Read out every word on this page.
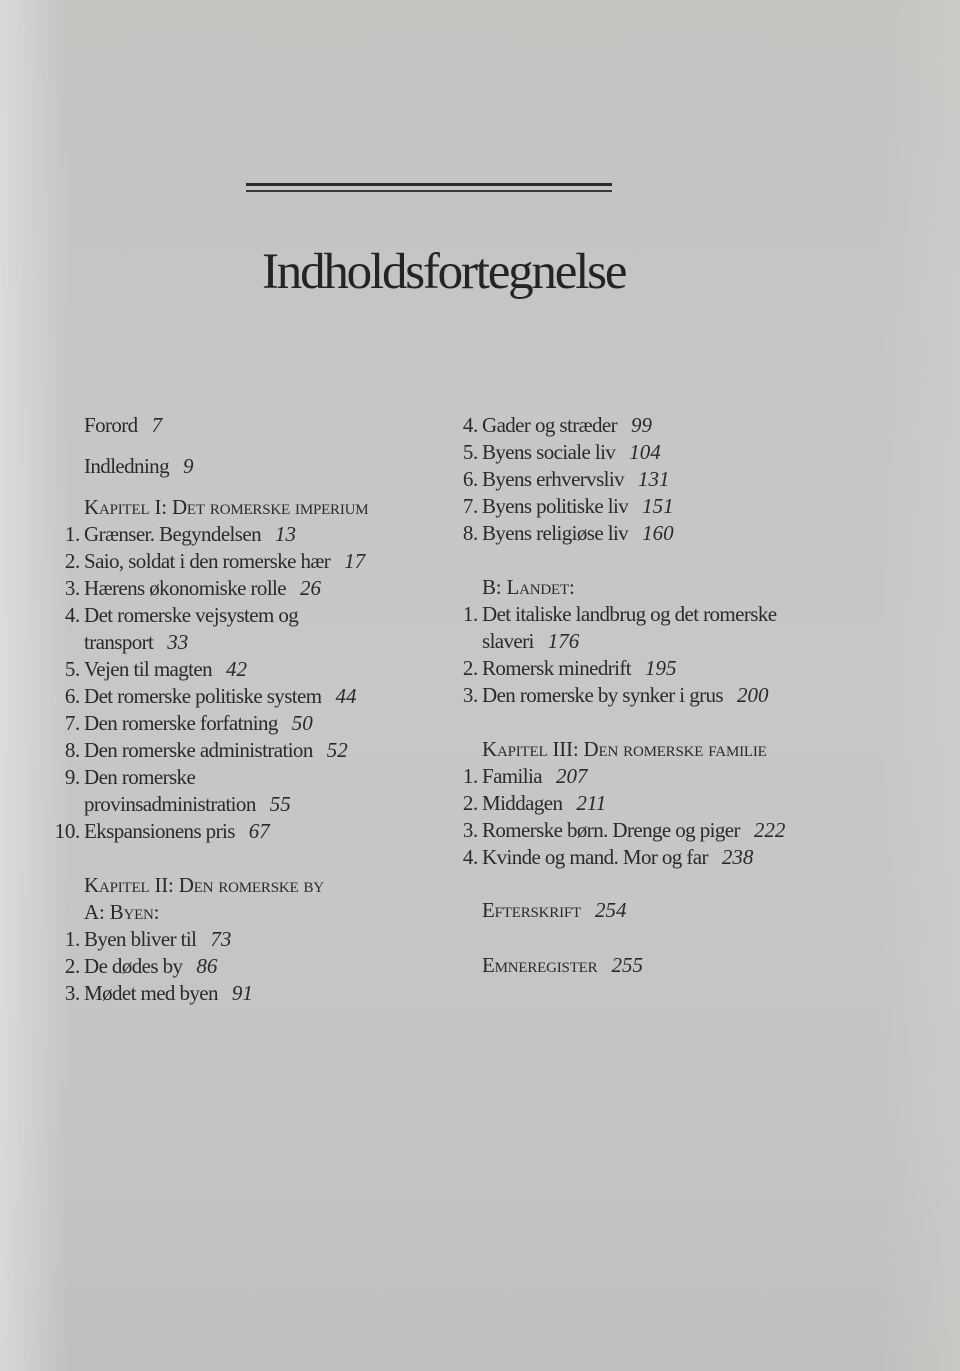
Indholdsfortegnelse
Forord 7
Indledning 9
Kapitel I: Det romerske imperium
1. Grænser. Begyndelsen 13
2. Saio, soldat i den romerske hær 17
3. Hærens økonomiske rolle 26
4. Det romerske vejsystem og
transport 33
5. Vejen til magten 42
6. Det romerske politiske system 44
7. Den romerske forfatning 50
8. Den romerske administration 52
9. Den romerske
provinsadministration 55
10. Ekspansionens pris 67
Kapitel II: Den romerske by
A: Byen:
1. Byen bliver til 73
2. De dødes by 86
3. Mødet med byen 91
4. Gader og stræder 99
5. Byens sociale liv 104
6. Byens erhvervsliv 131
7. Byens politiske liv 151
8. Byens religiøse liv 160
B: Landet:
1. Det italiske landbrug og det romerske
slaveri 176
2. Romersk minedrift 195
3. Den romerske by synker i grus 200
Kapitel III: Den romerske familie
1. Familia 207
2. Middagen 211
3. Romerske børn. Drenge og piger 222
4. Kvinde og mand. Mor og far 238
Efterskrift 254
Emneregister 255
